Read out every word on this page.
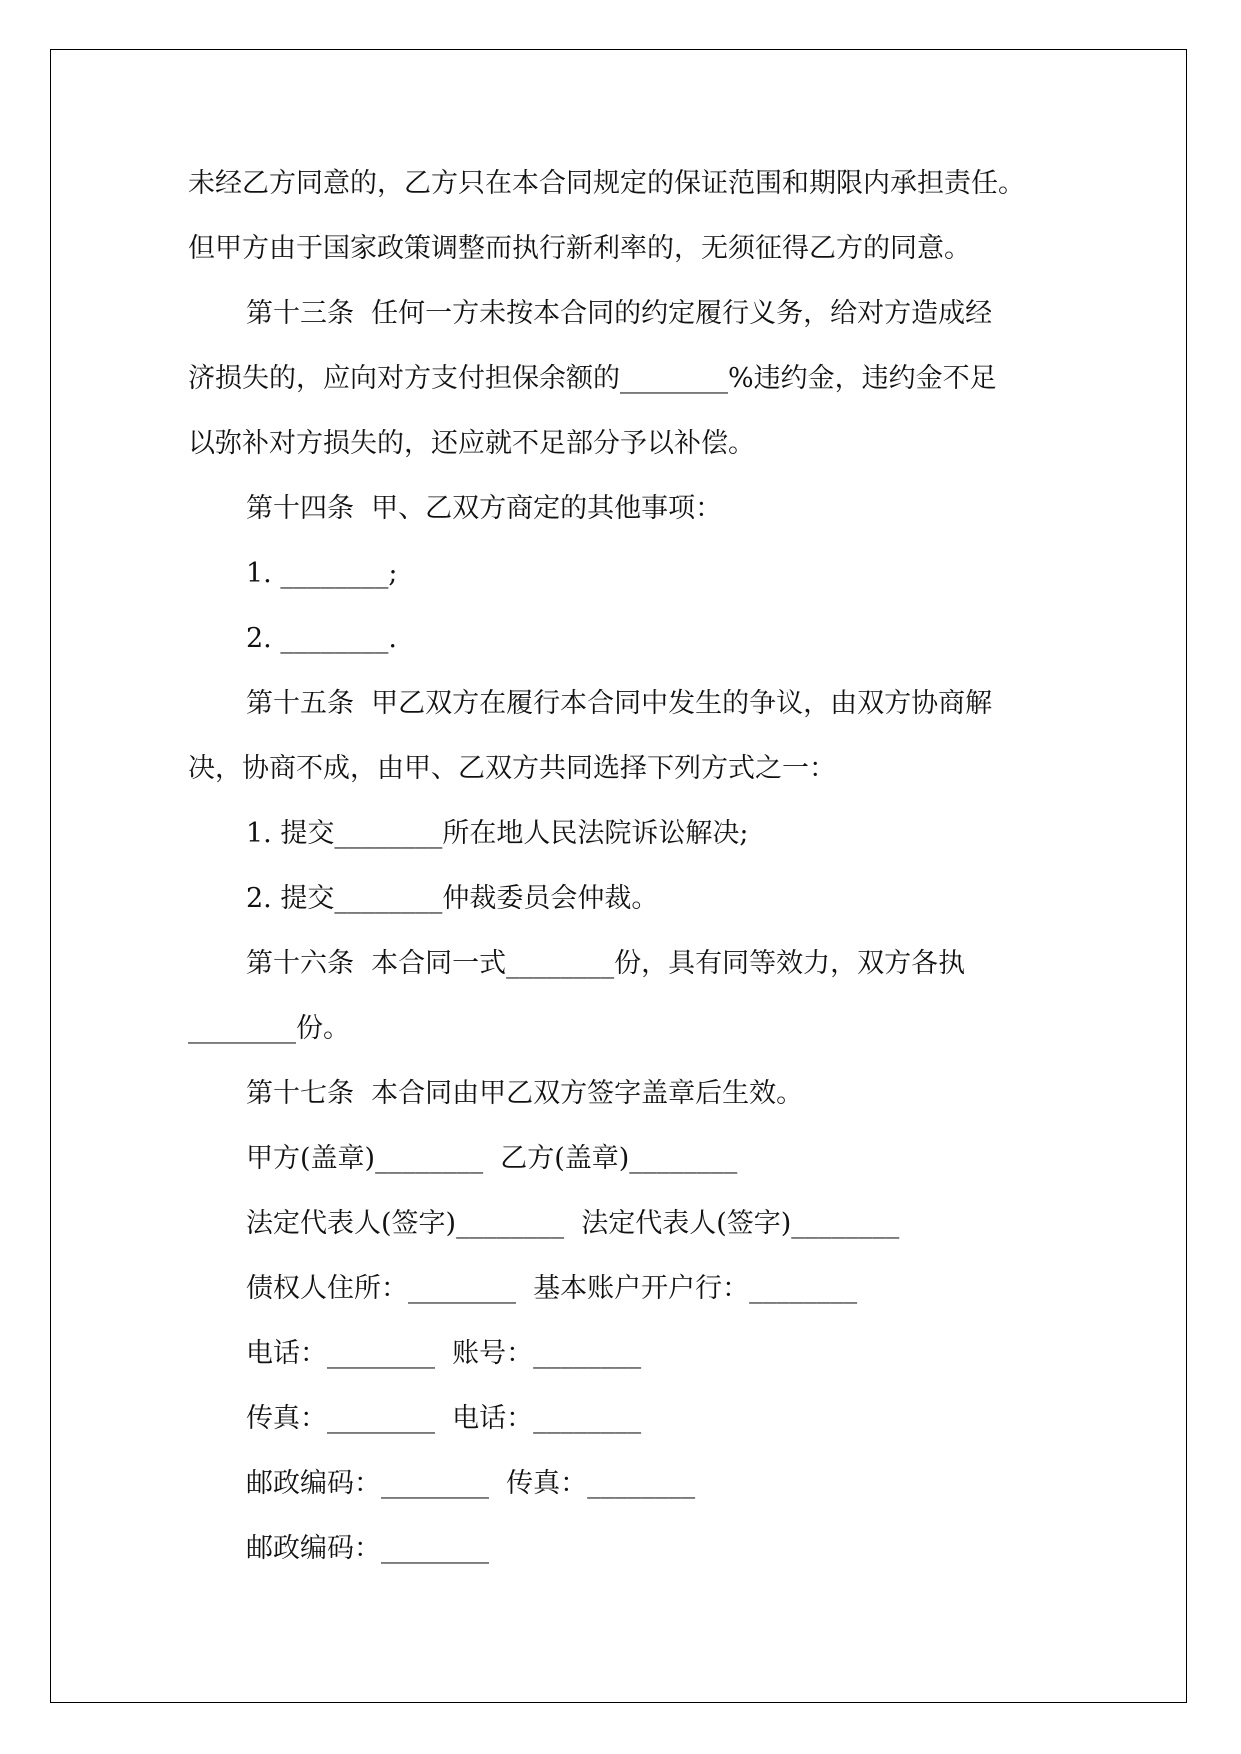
未经乙方同意的，乙方只在本合同规定的保证范围和期限内承担责任。
但甲方由于国家政策调整而执行新利率的，无须征得乙方的同意。
第十三条  任何一方未按本合同的约定履行义务，给对方造成经
济损失的，应向对方支付担保余额的________%违约金，违约金不足
以弥补对方损失的，还应就不足部分予以补偿。
第十四条  甲、乙双方商定的其他事项：
1. ________;
2. ________.
第十五条  甲乙双方在履行本合同中发生的争议，由双方协商解
决，协商不成，由甲、乙双方共同选择下列方式之一：
1. 提交________所在地人民法院诉讼解决;
2. 提交________仲裁委员会仲裁。
第十六条  本合同一式________份，具有同等效力，双方各执
________份。
第十七条  本合同由甲乙双方签字盖章后生效。
甲方(盖章)________  乙方(盖章)________
法定代表人(签字)________  法定代表人(签字)________
债权人住所：________  基本账户开户行：________
电话：________  账号：________
传真：________  电话：________
邮政编码：________  传真：________
邮政编码：________
